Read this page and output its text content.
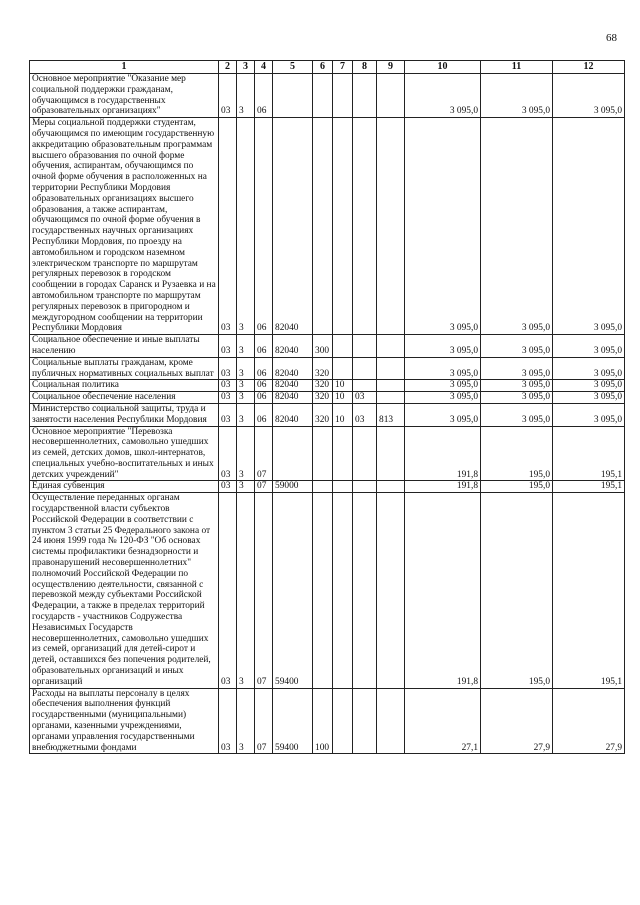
68
1	2	3	4	5	6	7	8	9	10	11	12
Основное мероприятие "Оказание мер социальной поддержки гражданам, обучающимся в государственных образовательных организациях"	03	3	06						3 095,0	3 095,0	3 095,0
Меры социальной поддержки студентам, обучающимся по имеющим государственную аккредитацию образовательным программам высшего образования по очной форме обучения, аспирантам, обучающимся по очной форме обучения в расположенных на территории Республики Мордовия образовательных организациях высшего образования, а также аспирантам, обучающимся по очной форме обучения в государственных научных организациях Республики Мордовия, по проезду на автомобильном и городском наземном электрическом транспорте по маршрутам регулярных перевозок в городском сообщении в городах Саранск и Рузаевка и на автомобильном транспорте по маршрутам регулярных перевозок в пригородном и междугородном сообщении на территории Республики Мордовия	03	3	06	82040					3 095,0	3 095,0	3 095,0
Социальное обеспечение и иные выплаты населению	03	3	06	82040	300				3 095,0	3 095,0	3 095,0
Социальные выплаты гражданам, кроме публичных нормативных социальных выплат	03	3	06	82040	320				3 095,0	3 095,0	3 095,0
Социальная политика	03	3	06	82040	320	10			3 095,0	3 095,0	3 095,0
Социальное обеспечение населения	03	3	06	82040	320	10	03		3 095,0	3 095,0	3 095,0
Министерство социальной защиты, труда и занятости населения Республики Мордовия	03	3	06	82040	320	10	03	813	3 095,0	3 095,0	3 095,0
Основное мероприятие "Перевозка несовершеннолетних, самовольно ушедших из семей, детских домов, школ-интернатов, специальных учебно-воспитательных и иных детских учреждений"	03	3	07						191,8	195,0	195,1
Единая субвенция	03	3	07	59000					191,8	195,0	195,1
Осуществление переданных органам государственной власти субъектов Российской Федерации в соответствии с пунктом 3 статьи 25 Федерального закона от 24 июня 1999 года № 120-ФЗ "Об основах системы профилактики безнадзорности и правонарушений несовершеннолетних" полномочий Российской Федерации по осуществлению деятельности, связанной с перевозкой между субъектами Российской Федерации, а также в пределах территорий государств - участников Содружества Независимых Государств несовершеннолетних, самовольно ушедших из семей, организаций для детей-сирот и детей, оставшихся без попечения родителей, образовательных организаций и иных организаций	03	3	07	59400					191,8	195,0	195,1
Расходы на выплаты персоналу в целях обеспечения выполнения функций государственными (муниципальными) органами, казенными учреждениями, органами управления государственными внебюджетными фондами	03	3	07	59400	100				27,1	27,9	27,9
